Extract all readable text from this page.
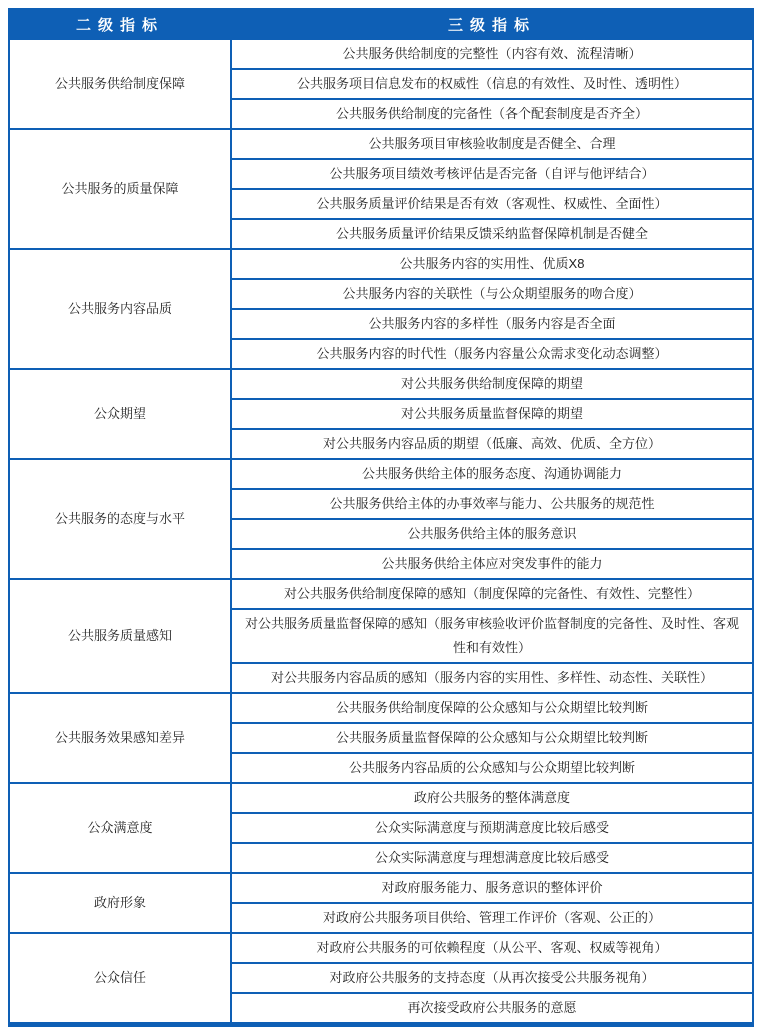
二级指标	三级指标
公共服务供给制度保障	公共服务供给制度的完整性（内容有效、流程清晰）
	公共服务项目信息发布的权威性（信息的有效性、及时性、透明性）
	公共服务供给制度的完备性（各个配套制度是否齐全）
公共服务的质量保障	公共服务项目审核验收制度是否健全、合理
	公共服务项目绩效考核评估是否完备（自评与他评结合）
	公共服务质量评价结果是否有效（客观性、权威性、全面性）
	公共服务质量评价结果反馈采纳监督保障机制是否健全
公共服务内容品质	公共服务内容的实用性、优质X8
	公共服务内容的关联性（与公众期望服务的吻合度）
	公共服务内容的多样性（服务内容是否全面
	公共服务内容的时代性（服务内容量公众需求变化动态调整）
公众期望	对公共服务供给制度保障的期望
	对公共服务质量监督保障的期望
	对公共服务内容品质的期望（低廉、高效、优质、全方位）
公共服务的态度与水平	公共服务供给主体的服务态度、沟通协调能力
	公共服务供给主体的办事效率与能力、公共服务的规范性
	公共服务供给主体的服务意识
	公共服务供给主体应对突发事件的能力
公共服务质量感知	对公共服务供给制度保障的感知（制度保障的完备性、有效性、完整性）
	对公共服务质量监督保障的感知（服务审核验收评价监督制度的完备性、及时性、客观性和有效性）
	对公共服务内容品质的感知（服务内容的实用性、多样性、动态性、关联性）
公共服务效果感知差异	公共服务供给制度保障的公众感知与公众期望比较判断
	公共服务质量监督保障的公众感知与公众期望比较判断
	公共服务内容品质的公众感知与公众期望比较判断
公众满意度	政府公共服务的整体满意度
	公众实际满意度与预期满意度比较后感受
	公众实际满意度与理想满意度比较后感受
政府形象	对政府服务能力、服务意识的整体评价
	对政府公共服务项目供给、管理工作评价（客观、公正的）
公众信任	对政府公共服务的可依赖程度（从公平、客观、权威等视角）
	对政府公共服务的支持态度（从再次接受公共服务视角）
	再次接受政府公共服务的意愿
